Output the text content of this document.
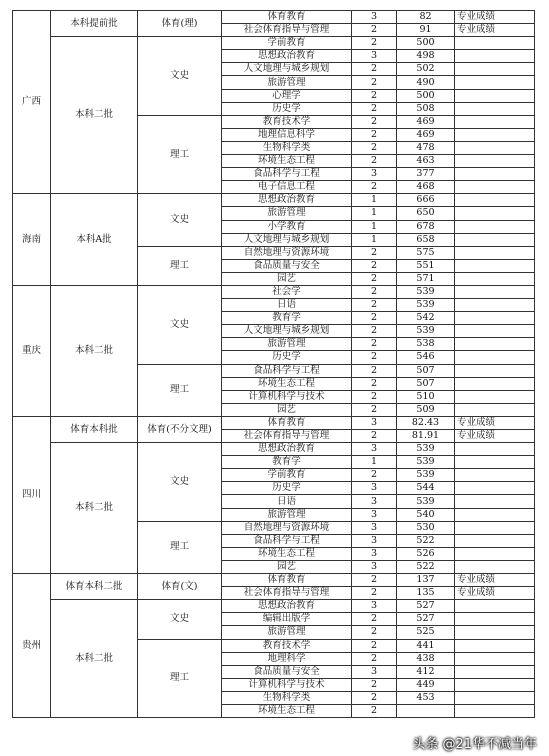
广西	本科提前批	体育(理)	体育教育	3	82	专业成绩
			社会体育指导与管理	2	91	专业成绩
	本科二批	文史	学前教育	2	500	
			思想政治教育	3	498	
			人文地理与城乡规划	2	502	
			旅游管理	2	490	
			心理学	2	500	
			历史学	2	508	
		理工	教育技术学	2	469	
			地理信息科学	2	469	
			生物科学类	2	478	
			环境生态工程	2	463	
			食品科学与工程	3	377	
			电子信息工程	2	468	
海南	本科A批	文史	思想政治教育	1	666	
			旅游管理	1	650	
			小学教育	1	678	
			人文地理与城乡规划	1	658	
		理工	自然地理与资源环境	2	575	
			食品质量与安全	2	551	
			园艺	2	571	
重庆	本科二批	文史	社会学	2	539	
			日语	2	539	
			教育学	2	542	
			人文地理与城乡规划	2	539	
			旅游管理	2	538	
			历史学	2	546	
		理工	食品科学与工程	2	507	
			环境生态工程	2	507	
			计算机科学与技术	2	510	
			园艺	2	509	
四川	体育本科批	体育(不分文理)	体育教育	3	82.43	专业成绩
			社会体育指导与管理	2	81.91	专业成绩
	本科二批	文史	思想政治教育	3	539	
			教育学	1	539	
			学前教育	2	539	
			历史学	3	544	
			日语	3	539	
			旅游管理	3	540	
		理工	自然地理与资源环境	3	530	
			食品科学与工程	3	522	
			环境生态工程	3	526	
			园艺	3	522	
贵州	体育本科二批	体育(文)	体育教育	2	137	专业成绩
			社会体育指导与管理	2	135	专业成绩
	本科二批	文史	思想政治教育	3	527	
			编辑出版学	2	527	
			旅游管理	2	525	
		理工	教育技术学	2	441	
			地理科学	2	438	
			食品质量与安全	3	412	
			计算机科学与技术	2	449	
			生物科学类	2	453	
			环境生态工程	2		
头条 @21华不减当年
